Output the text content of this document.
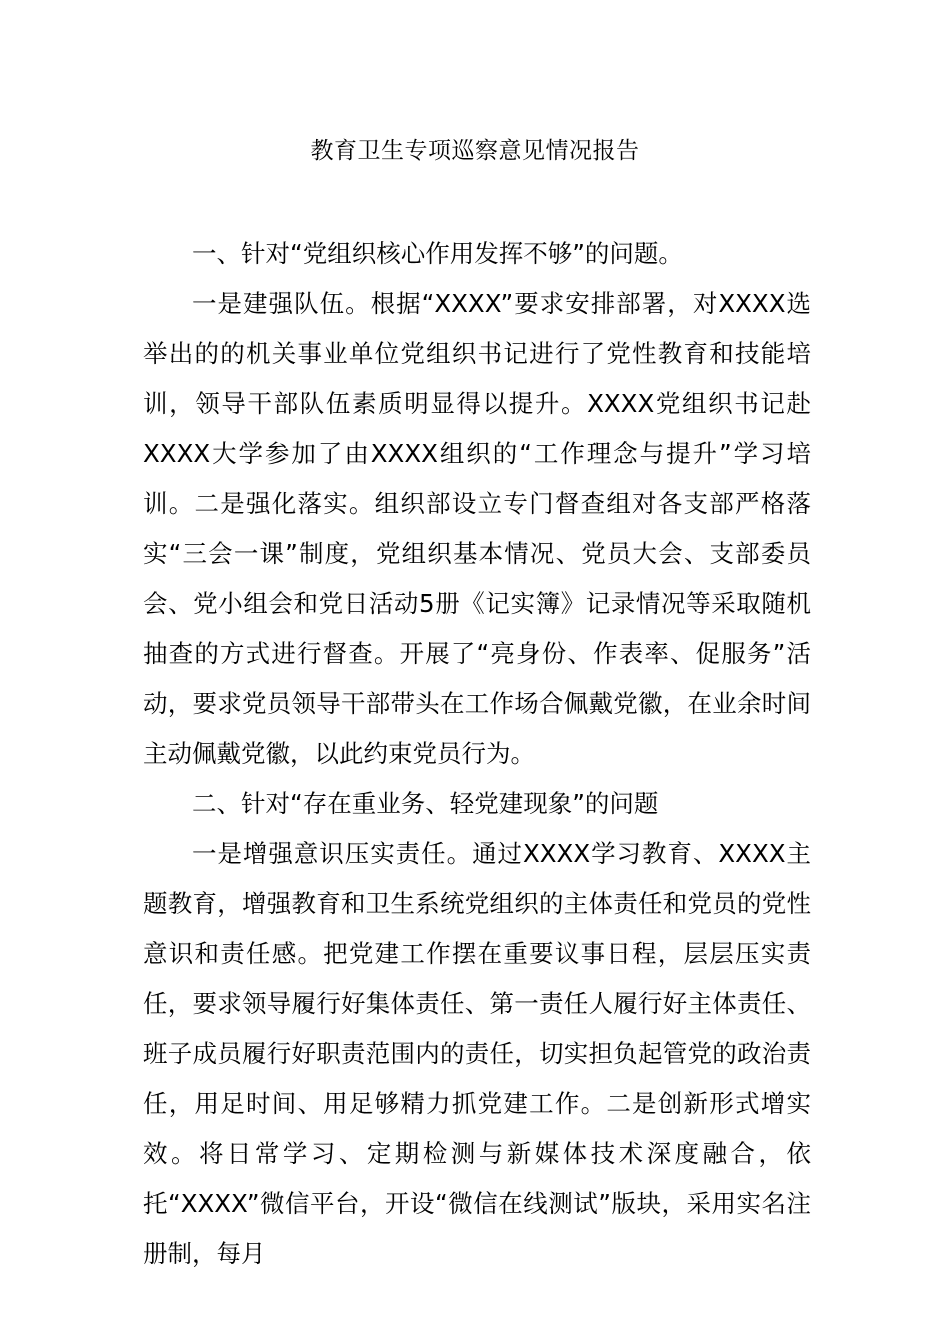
教育卫生专项巡察意见情况报告

一、针对“党组织核心作用发挥不够”的问题。

一是建强队伍。根据“XXXX”要求安排部署，对XXXX选举出的的机关事业单位党组织书记进行了党性教育和技能培训，领导干部队伍素质明显得以提升。XXXX党组织书记赴XXXX大学参加了由XXXX组织的“工作理念与提升”学习培训。二是强化落实。组织部设立专门督查组对各支部严格落实“三会一课”制度，党组织基本情况、党员大会、支部委员会、党小组会和党日活动5册《记实簿》记录情况等采取随机抽查的方式进行督查。开展了“亮身份、作表率、促服务”活动，要求党员领导干部带头在工作场合佩戴党徽，在业余时间主动佩戴党徽，以此约束党员行为。

二、针对“存在重业务、轻党建现象”的问题

一是增强意识压实责任。通过XXXX学习教育、XXXX主题教育，增强教育和卫生系统党组织的主体责任和党员的党性意识和责任感。把党建工作摆在重要议事日程，层层压实责任，要求领导履行好集体责任、第一责任人履行好主体责任、班子成员履行好职责范围内的责任，切实担负起管党的政治责任，用足时间、用足够精力抓党建工作。二是创新形式增实效。将日常学习、定期检测与新媒体技术深度融合，依托“XXXX”微信平台，开设“微信在线测试”版块，采用实名注册制，每月
